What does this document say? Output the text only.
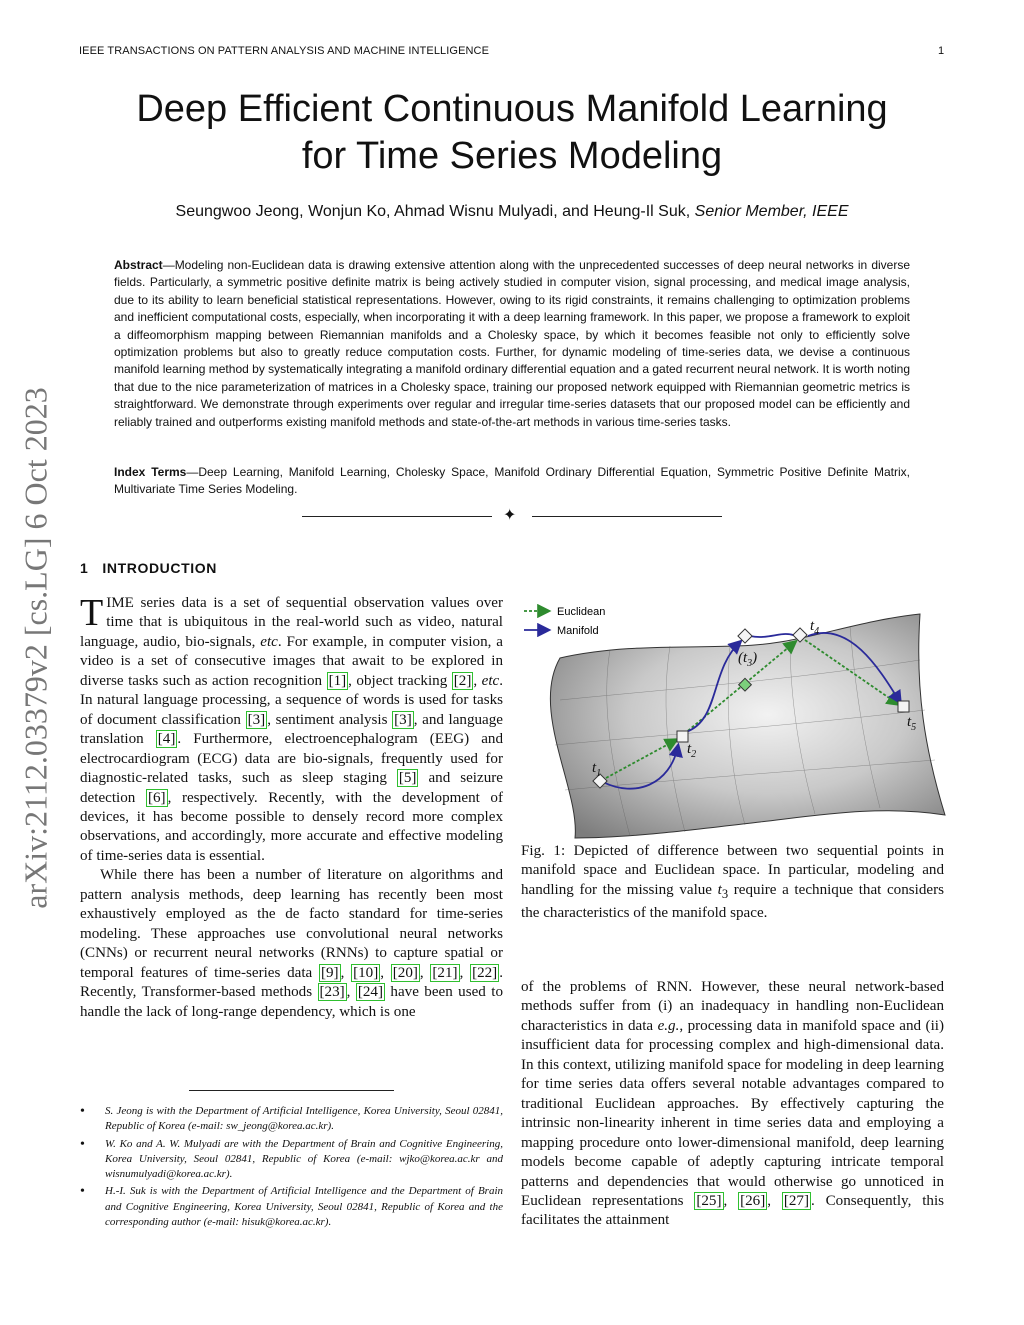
IEEE TRANSACTIONS ON PATTERN ANALYSIS AND MACHINE INTELLIGENCE	1
Deep Efficient Continuous Manifold Learning
for Time Series Modeling
Seungwoo Jeong, Wonjun Ko, Ahmad Wisnu Mulyadi, and Heung-Il Suk, Senior Member, IEEE
Abstract—Modeling non-Euclidean data is drawing extensive attention along with the unprecedented successes of deep neural networks in diverse fields. Particularly, a symmetric positive definite matrix is being actively studied in computer vision, signal processing, and medical image analysis, due to its ability to learn beneficial statistical representations. However, owing to its rigid constraints, it remains challenging to optimization problems and inefficient computational costs, especially, when incorporating it with a deep learning framework. In this paper, we propose a framework to exploit a diffeomorphism mapping between Riemannian manifolds and a Cholesky space, by which it becomes feasible not only to efficiently solve optimization problems but also to greatly reduce computation costs. Further, for dynamic modeling of time-series data, we devise a continuous manifold learning method by systematically integrating a manifold ordinary differential equation and a gated recurrent neural network. It is worth noting that due to the nice parameterization of matrices in a Cholesky space, training our proposed network equipped with Riemannian geometric metrics is straightforward. We demonstrate through experiments over regular and irregular time-series datasets that our proposed model can be efficiently and reliably trained and outperforms existing manifold methods and state-of-the-art methods in various time-series tasks.
Index Terms—Deep Learning, Manifold Learning, Cholesky Space, Manifold Ordinary Differential Equation, Symmetric Positive Definite Matrix, Multivariate Time Series Modeling.
✦
arXiv:2112.03379v2 [cs.LG] 6 Oct 2023 1 INTRODUCTION

TIME series data is a set of sequential observation values over time that is ubiquitous in the real-world such as video, natural language, audio, bio-signals, etc. For example, in computer vision, a video is a set of consecutive images that await to be explored in diverse tasks such as action recognition [1] , object tracking [2] , etc. In natural language processing, a sequence of words is used for tasks of document classification [3] , sentiment analysis [3] , and language translation [4] . Furthermore, electroencephalogram (EEG) and electrocardiogram (ECG) data are bio-signals, frequently used for diagnostic-related tasks, such as sleep staging [5] and seizure detection [6] , respectively. Recently, with the development of devices, it has become possible to densely record more complex observations, and accordingly, more accurate and effective modeling of time-series data is essential.

While there has been a number of literature on algorithms and pattern analysis methods, deep learning has recently been most exhaustively employed as the de facto standard for time-series modeling. These approaches use convolutional neural networks (CNNs) or recurrent neural networks (RNNs) to capture spatial or temporal features of time-series data [9] , [10] , [20] , [21] , [22] . Recently, Transformer-based methods [23] , [24] have been used to handle the lack of long-range dependency, which is one

• S. Jeong is with the Department of Artificial Intelligence, Korea University, Seoul 02841, Republic of Korea (e-mail: sw_jeong@korea.ac.kr).
• W. Ko and A. W. Mulyadi are with the Department of Brain and Cognitive Engineering, Korea University, Seoul 02841, Republic of Korea (e-mail: wjko@korea.ac.kr and wisnumulyadi@korea.ac.kr).
• H.-I. Suk is with the Department of Artificial Intelligence and the Department of Brain and Cognitive Engineering, Korea University, Seoul 02841, Republic of Korea and the corresponding author (e-mail: hisuk@korea.ac.kr).
Euclidean
Manifold
$t_1$
$t_2$
$(t_3)$
$t_4$
$t_5$
Fig. 1: Depicted of difference between two sequential points in manifold space and Euclidean space. In particular, modeling and handling for the missing value $t_3$ require a technique that considers the characteristics of the manifold space.

of the problems of RNN. However, these neural network-based methods suffer from (i) an inadequacy in handling non-Euclidean characteristics in data e.g., processing data in manifold space and (ii) insufficient data for processing complex and high-dimensional data. In this context, utilizing manifold space for modeling in deep learning for time series data offers several notable advantages compared to traditional Euclidean approaches. By effectively capturing the intrinsic non-linearity inherent in time series data and employing a mapping procedure onto lower-dimensional manifold, deep learning models become capable of adeptly capturing intricate temporal patterns and dependencies that would otherwise go unnoticed in Euclidean representations [25] , [26] , [27] . Consequently, this facilitates the attainment
